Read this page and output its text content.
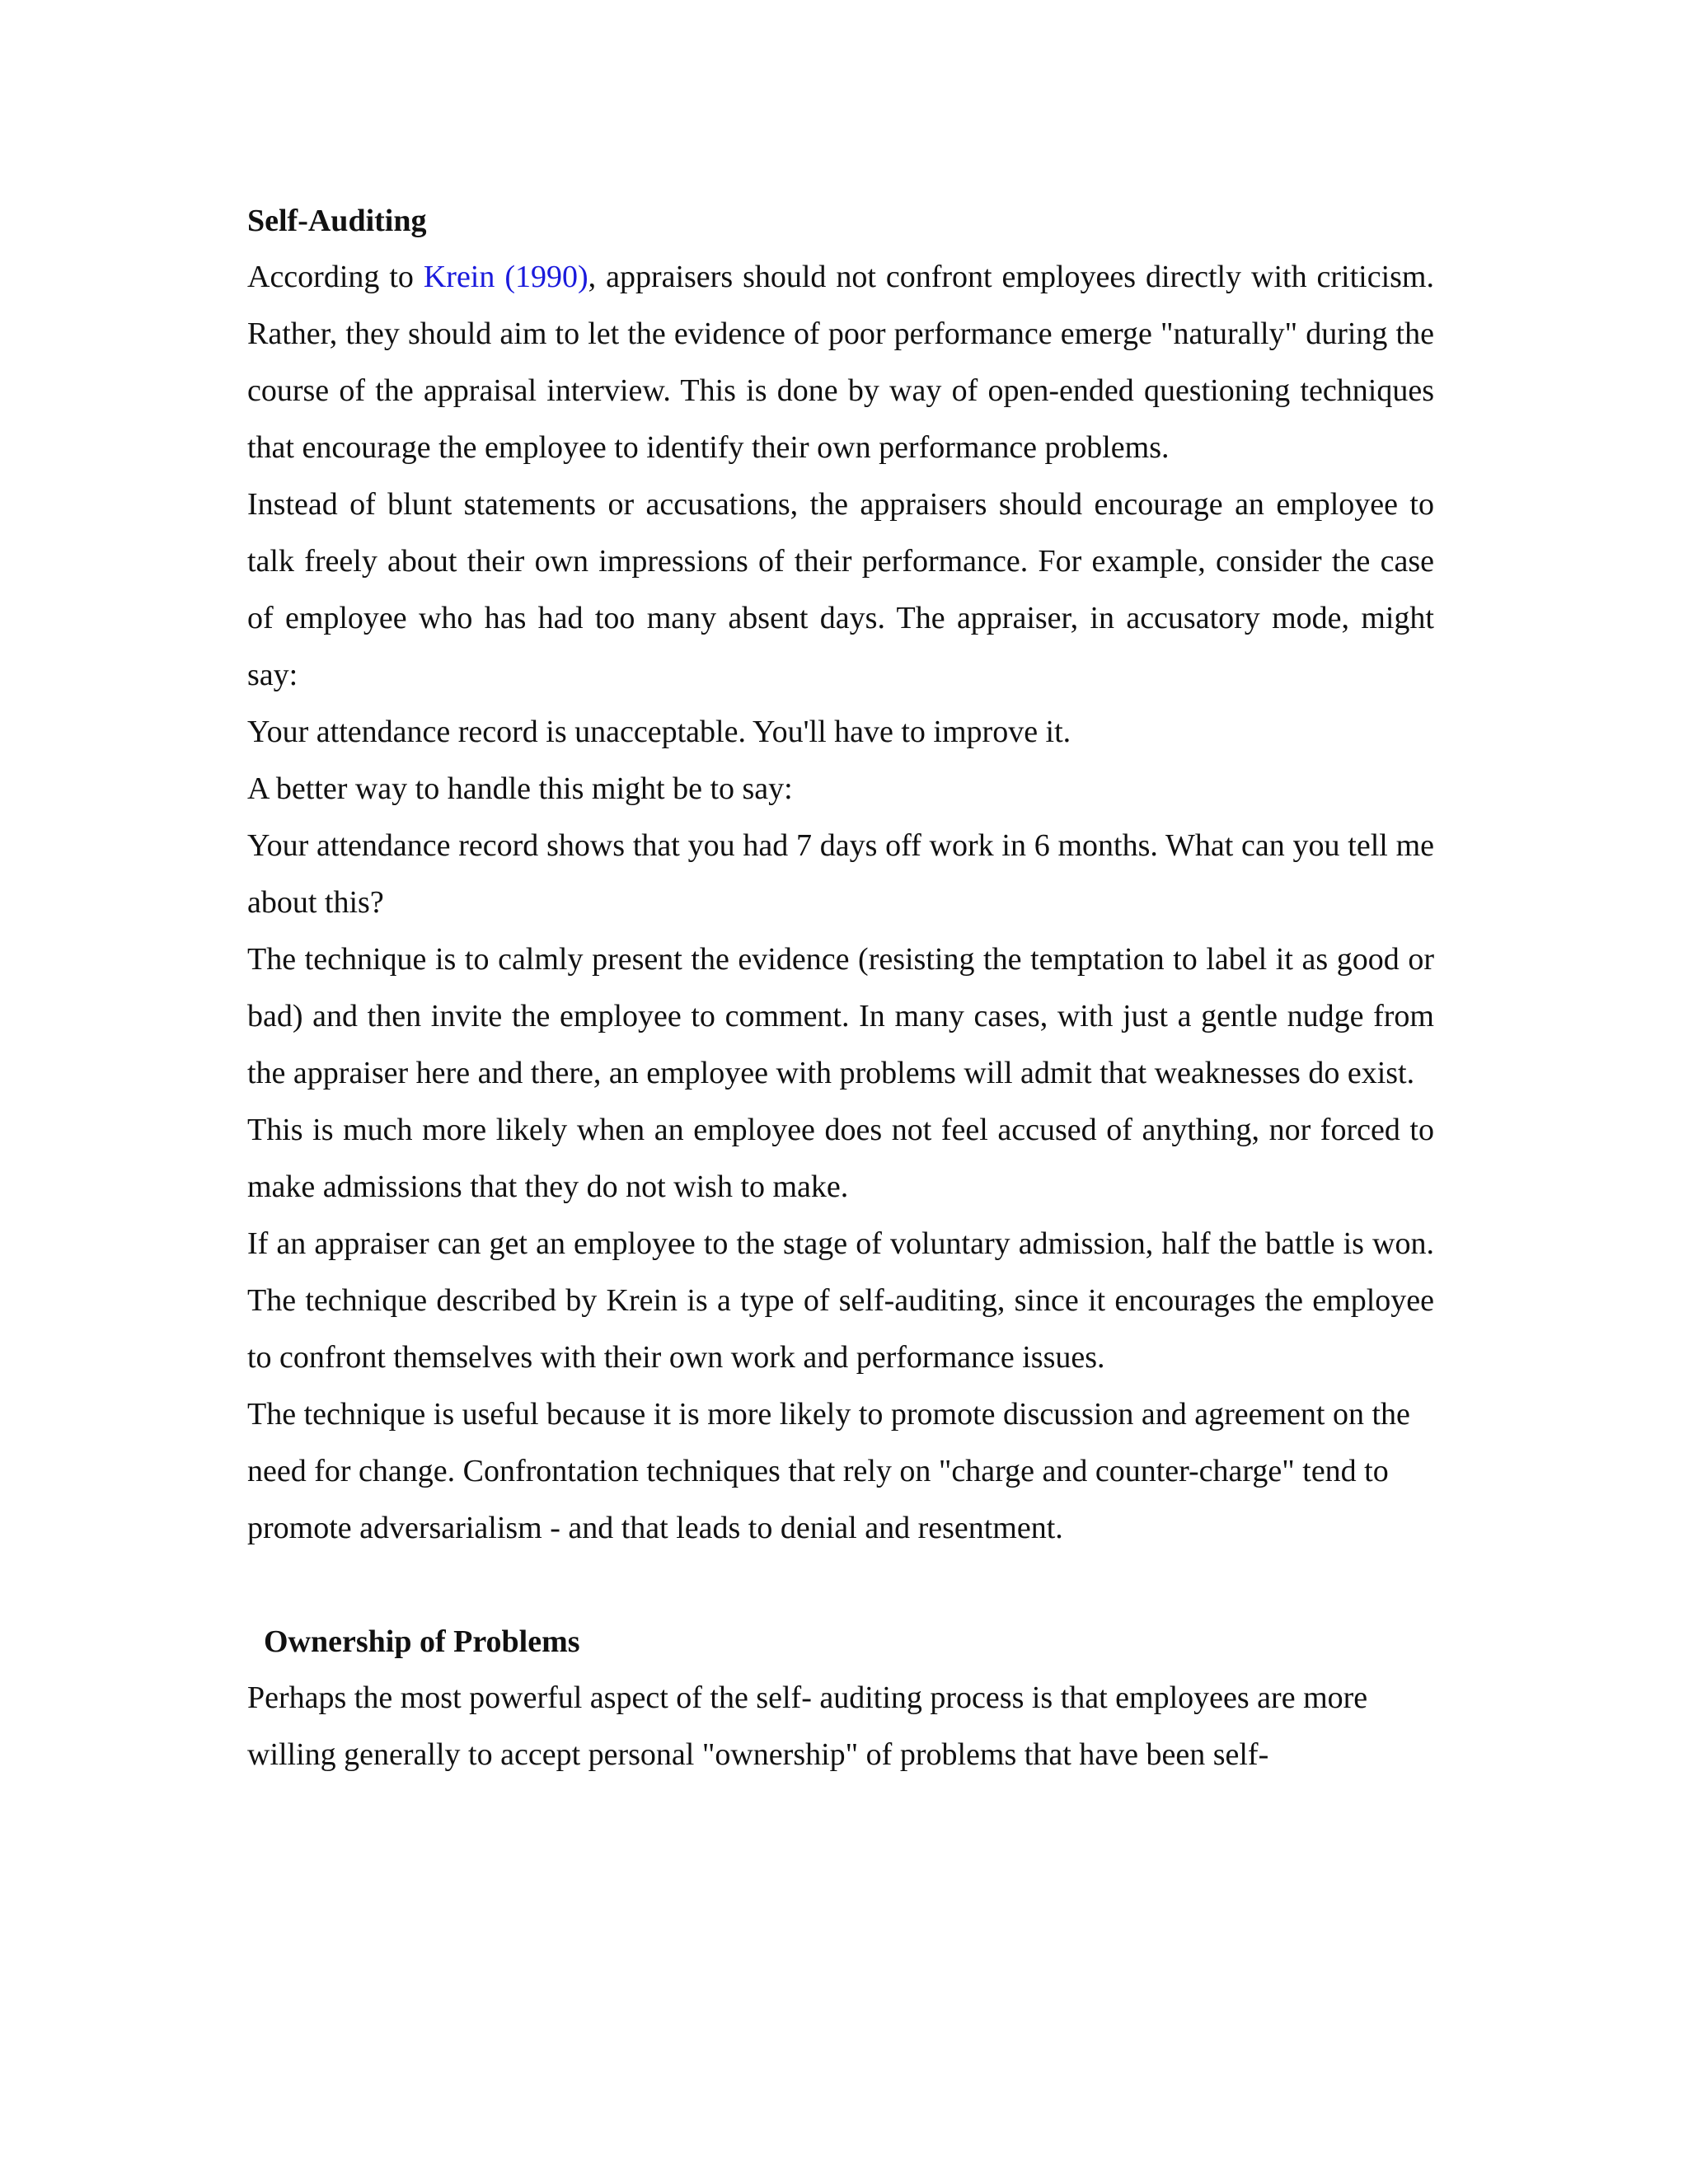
Self-Auditing

According to Krein (1990), appraisers should not confront employees directly with criticism. Rather, they should aim to let the evidence of poor performance emerge "naturally" during the course of the appraisal interview. This is done by way of open-ended questioning techniques that encourage the employee to identify their own performance problems.

Instead of blunt statements or accusations, the appraisers should encourage an employee to talk freely about their own impressions of their performance. For example, consider the case of employee who has had too many absent days. The appraiser, in accusatory mode, might say:

Your attendance record is unacceptable. You'll have to improve it.

A better way to handle this might be to say:

Your attendance record shows that you had 7 days off work in 6 months. What can you tell me about this?

The technique is to calmly present the evidence (resisting the temptation to label it as good or bad) and then invite the employee to comment. In many cases, with just a gentle nudge from the appraiser here and there, an employee with problems will admit that weaknesses do exist.

This is much more likely when an employee does not feel accused of anything, nor forced to make admissions that they do not wish to make.

If an appraiser can get an employee to the stage of voluntary admission, half the battle is won. The technique described by Krein is a type of self-auditing, since it encourages the employee to confront themselves with their own work and performance issues.

The technique is useful because it is more likely to promote discussion and agreement on the need for change. Confrontation techniques that rely on "charge and counter-charge" tend to promote adversarialism - and that leads to denial and resentment.

Ownership of Problems

Perhaps the most powerful aspect of the self- auditing process is that employees are more willing generally to accept personal "ownership" of problems that have been self-
